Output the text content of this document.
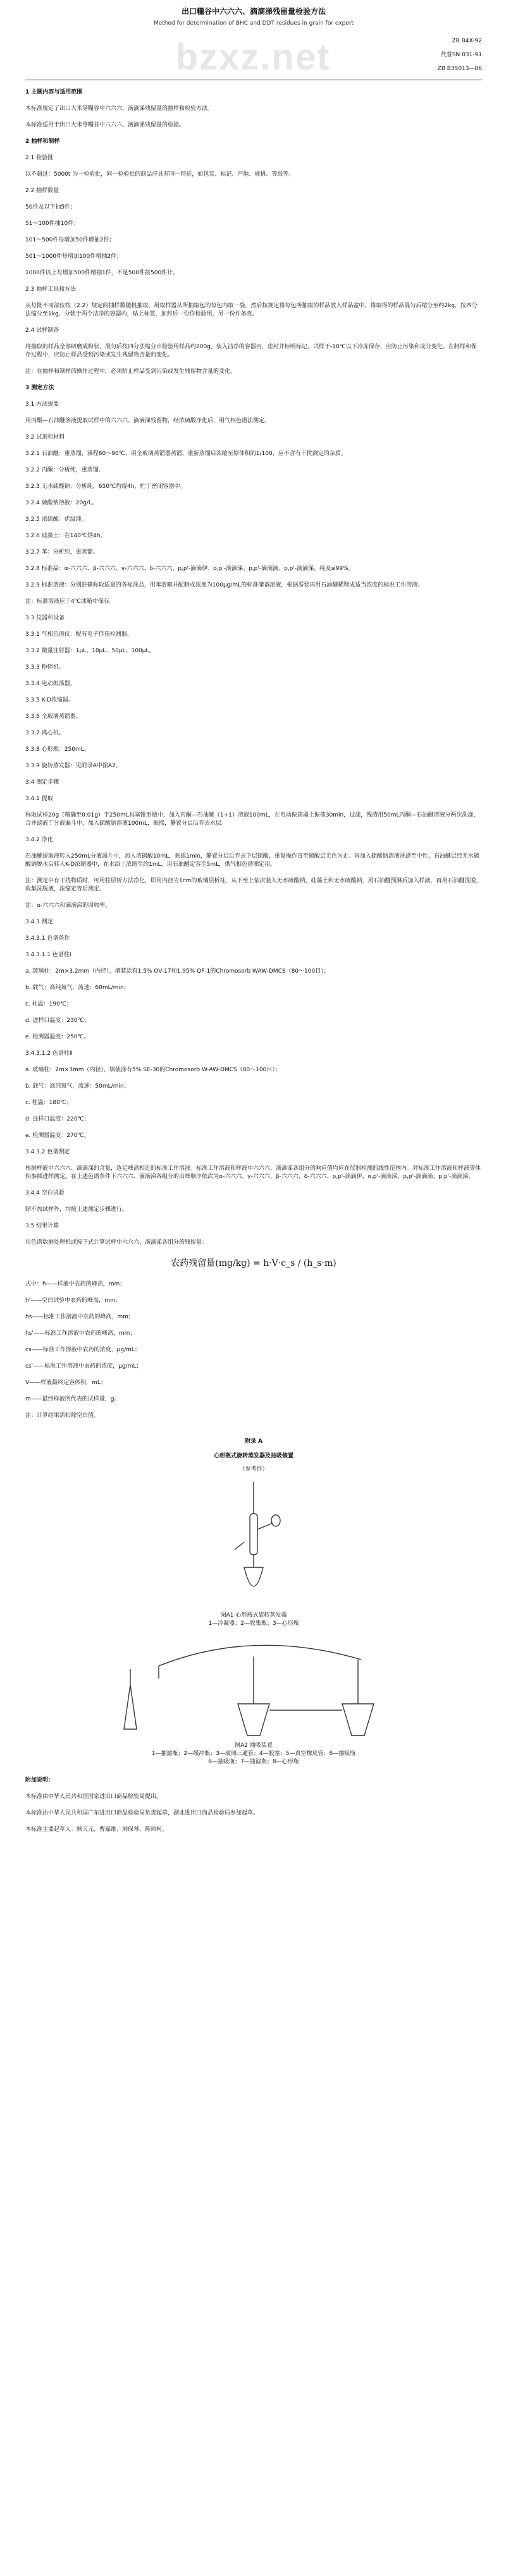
bzxz.net
出口糧谷中六六六、滴滴涕残留量检验方法
Method for determination of BHC and DDT residues in grain for export
ZB B4X-92
代替SN 031-91
ZB B35013—86

1 主题内容与适用范围

本标准规定了出口大米等糧谷中六六六、滴滴涕残留量的抽样和检验方法。

本标准适用于出口大米等糧谷中六六六、滴滴涕残留量的检验。

2 抽样和制样

2.1 检验批

以不超过：5000t 为一检验批，同一检验批的商品应具有同一特征，如包装、标记、产地、规格、等级等。

2.2 抽样数量

50件及以下抽5件；

51～100件抽10件；

101～500件每增加50件增抽2件；

501～1000件每增加100件增抽2件；

1000件以上每增加500件增抽1件，不足500件按500件计。

2.3 抽样工具和方法

从每批不同部位按（2.2）规定的抽样数随机抽取，用取样器从所抽取包的每包内取一袋，然后按规定将每包所抽取的样品放入样品盆中，将取得的样品混匀后缩分至约2kg，按四分法缩分至1kg，分装于两个洁净的容器内，贴上标签，加封后一份作检验用，另一份作备查。

2.4 试样制备

将抽取的样品全部研磨成粉状，混匀后按四分法缩分出检验用样品约200g，装入洁净的容器内，密封并标明标记。试样于-18℃以下冷冻保存，应防止污染和成分变化。在制样和保存过程中，应防止样品受到污染或发生残留物含量的变化。

注：在抽样和制样的操作过程中，必须防止样品受到污染或发生残留物含量的变化。

3 测定方法

3.1 方法提要

用丙酮—石油醚溶液提取试样中的六六六、滴滴涕残留物，经浓硫酸净化后，用气相色谱法测定。

3.2 试剂和材料

3.2.1 石油醚：重蒸馏，沸程60～90℃，用全玻璃蒸馏器蒸馏，重新蒸馏后浓缩至原体积的1/100，应不含有干扰测定的杂质。

3.2.2 丙酮：分析纯，重蒸馏。

3.2.3 无水硫酸钠：分析纯，650℃灼烧4h，贮于密闭容器中。

3.2.4 硫酸钠溶液：20g/L。

3.2.5 浓硫酸：优级纯。

3.2.6 硅藻土：在140℃烘4h。

3.2.7 苯：分析纯，重蒸馏。

3.2.8 标准品：α-六六六、β-六六六、γ-六六六、δ-六六六、p,p'-滴滴伊、o,p'-滴滴涕、p,p'-滴滴滴、p,p'-滴滴涕，纯度≥99%。

3.2.9 标准溶液：分别准确称取适量的各标准品，用苯溶解并配制成浓度为100μg/mL的标准储备溶液，根据需要再用石油醚稀释成适当浓度的标准工作溶液。

注：标准溶液应于4℃冰箱中保存。

3.3 仪器和设备

3.3.1 气相色谱仪：配有电子俘获检测器。

3.3.2 微量注射器：1μL、10μL、50μL、100μL。

3.3.3 粉碎机。

3.3.4 电动振荡器。

3.3.5 K-D浓缩器。

3.3.6 全玻璃蒸馏器。

3.3.7 离心机。

3.3.8 心形瓶：250mL。

3.3.9 旋转蒸发器：见附录A中图A2。

3.4 测定步骤

3.4.1 提取

称取试样20g（精确至0.01g）于250mL具塞锥形瓶中，加入丙酮—石油醚（1+1）溶液100mL，在电动振荡器上振荡30min，过滤，残渣用50mL丙酮—石油醚溶液分两次洗涤，合并滤液于分液漏斗中，加入硫酸钠溶液100mL，振摇，静置分层后弃去水层。

3.4.2 净化

石油醚提取液转入250mL分液漏斗中，加入浓硫酸10mL，振摇1min，静置分层后弃去下层硫酸，重复操作直至硫酸层无色为止。再加入硫酸钠溶液洗涤至中性，石油醚层经无水硫酸钠脱水后转入K-D浓缩器中，在水浴上浓缩至约1mL，用石油醚定容至5mL，供气相色谱测定用。

注：测定中有干扰物质时，可用柱层析方法净化，即用内径为1cm的玻璃层析柱，从下至上依次装入无水硫酸钠、硅藻土和无水硫酸钠，用石油醚预淋后加入样液，再用石油醚洗脱，收集洗脱液，浓缩定容后测定。

注：α-六六六和滴滴涕的回收率。

3.4.3 测定

3.4.3.1 色谱条件

3.4.3.1.1 色谱柱Ⅰ

a. 玻璃柱：2m×3.2mm（内径），填装涂有1.5% OV-17和1.95% QF-1的Chromosorb WAW-DMCS（80～100目）；

b. 载气：高纯氮气，流速：60mL/min；

c. 柱温：190℃；

d. 进样口温度：230℃；

e. 检测器温度：250℃。

3.4.3.1.2 色谱柱Ⅱ

a. 玻璃柱：2m×3mm（内径），填装涂有5% SE-30的Chromosorb W-AW-DMCS（80～100目）；

b. 载气：高纯氮气，流速：50mL/min；

c. 柱温：180℃；

d. 进样口温度：220℃；

e. 检测器温度：270℃。

3.4.3.2 色谱测定

根据样液中六六六、滴滴涕的含量，选定峰高相近的标准工作溶液。标准工作溶液和样液中六六六、滴滴涕各组分的响应值均应在仪器检测的线性范围内。对标准工作溶液和样液等体积参插进样测定。在上述色谱条件下六六六、滴滴涕各组分的出峰顺序依次为α-六六六、γ-六六六、β-六六六、δ-六六六、p,p'-滴滴伊、o,p'-滴滴涕、p,p'-滴滴滴、p,p'-滴滴涕。

3.4.4 空白试验

除不加试样外，均按上述测定步骤进行。

3.5 结果计算

用色谱数据处理机或按下式计算试样中六六六、滴滴涕各组分的残留量：

农药残留量(mg/kg) = h·V·c_s / (h_s·m)

式中：h——样液中农药的峰高，mm；

h'——空白试验中农药的峰高，mm；

hs——标准工作溶液中农药的峰高，mm；

hs'——标准工作溶液中农药的峰高，mm；

cs——标准工作溶液中农药的浓度，μg/mL；

cs'——标准工作溶液中农药的浓度，μg/mL；

V——样液最终定容体积，mL；

m——最终样液所代表的试样量，g。

注：计算结果需扣除空白值。

附录 A
心形瓶式旋转蒸发器及抽吸装置
（参考件）
图A1 心形瓶式旋转蒸发器
1—冷凝器；2—收集瓶；3—心形瓶
图A2 抽吸装置
1—抽滤瓶；2—缓冲瓶；3—玻璃三通管；4—胶塞；5—真空橡皮管；6—抽吸瓶
6—抽吸瓶；7—抽滤瓶；8—心形瓶
附加说明：

本标准由中华人民共和国国家进出口商品检验局提出。

本标准由中华人民共和国广东进出口商品检验局负责起草，湖北进出口商品检验局参加起草。

本标准主要起草人：顾天元、曹嘉维、刘保琴、陈师柯。
